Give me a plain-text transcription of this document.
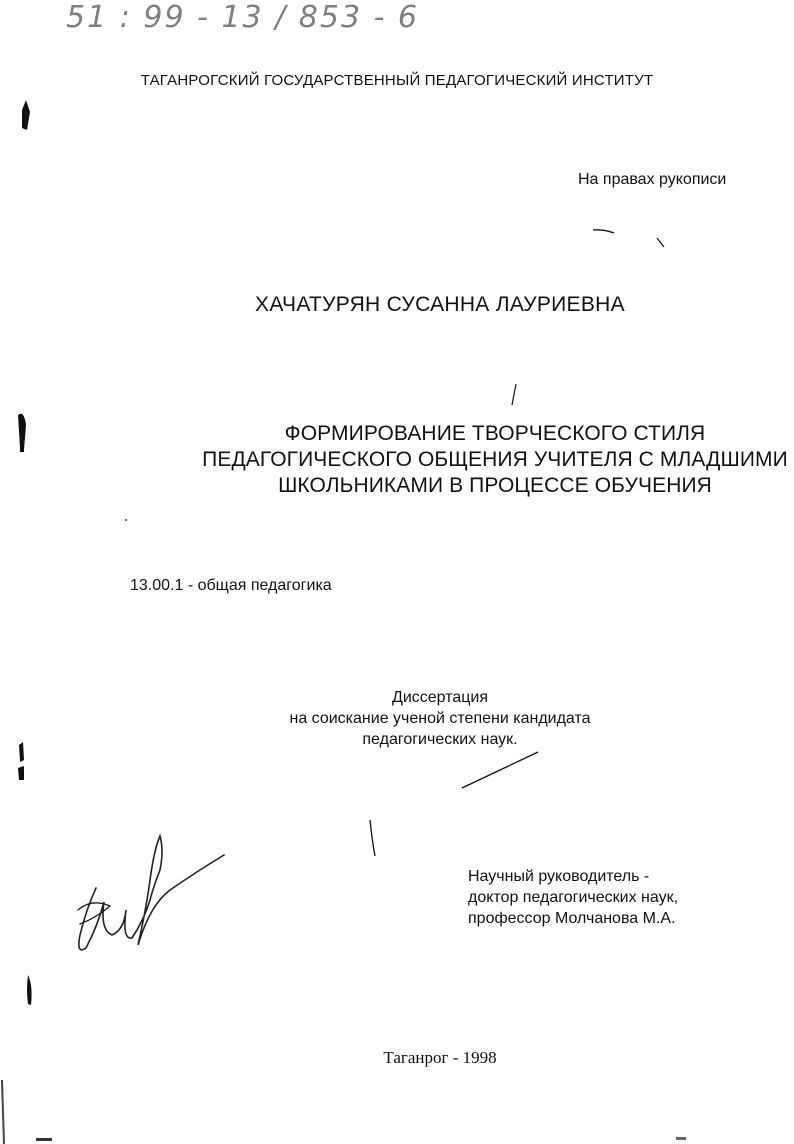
51 : 99 - 13 / 853 - 6
ТАГАНРОГСКИЙ ГОСУДАРСТВЕННЫЙ ПЕДАГОГИЧЕСКИЙ ИНСТИТУТ
На правах рукописи
ХАЧАТУРЯН СУСАННА ЛАУРИЕВНА
ФОРМИРОВАНИЕ ТВОРЧЕСКОГО СТИЛЯ
ПЕДАГОГИЧЕСКОГО ОБЩЕНИЯ УЧИТЕЛЯ С МЛАДШИМИ
ШКОЛЬНИКАМИ В ПРОЦЕССЕ ОБУЧЕНИЯ
13.00.1 - общая педагогика
Диссертация
на соискание ученой степени кандидата
педагогических наук.
Научный руководитель -
доктор педагогических наук,
профессор Молчанова М.А.
Таганрог - 1998
